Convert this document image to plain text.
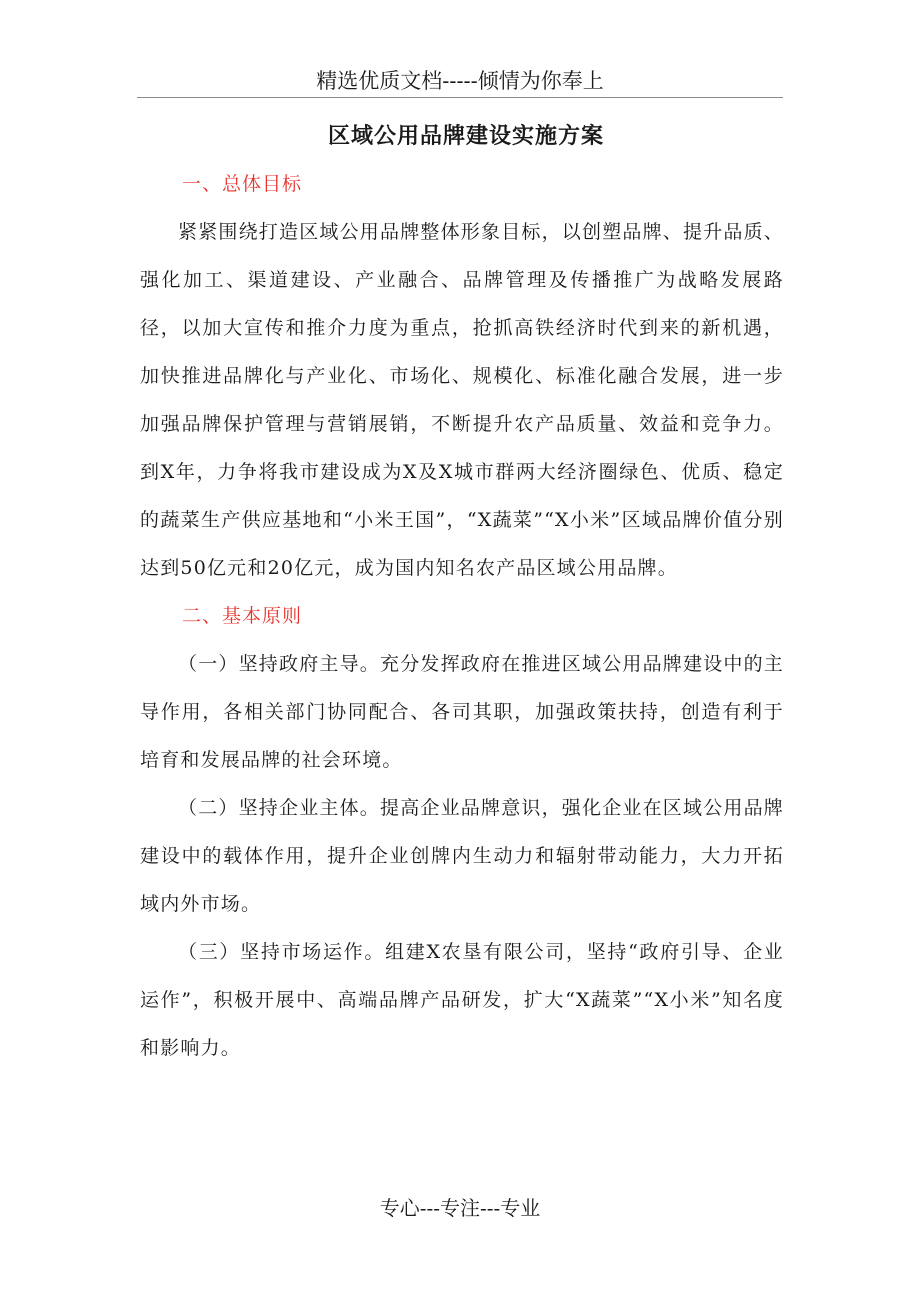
精选优质文档-----倾情为你奉上
区域公用品牌建设实施方案
一、总体目标

紧紧围绕打造区域公用品牌整体形象目标，以创塑品牌、提升品质、强化加工、渠道建设、产业融合、品牌管理及传播推广为战略发展路径，以加大宣传和推介力度为重点，抢抓高铁经济时代到来的新机遇，加快推进品牌化与产业化、市场化、规模化、标准化融合发展，进一步加强品牌保护管理与营销展销，不断提升农产品质量、效益和竞争力。到X年，力争将我市建设成为X及X城市群两大经济圈绿色、优质、稳定的蔬菜生产供应基地和“小米王国”，“X蔬菜”“X小米”区域品牌价值分别达到50亿元和20亿元，成为国内知名农产品区域公用品牌。

二、基本原则

（一）坚持政府主导。充分发挥政府在推进区域公用品牌建设中的主导作用，各相关部门协同配合、各司其职，加强政策扶持，创造有利于培育和发展品牌的社会环境。

（二）坚持企业主体。提高企业品牌意识，强化企业在区域公用品牌建设中的载体作用，提升企业创牌内生动力和辐射带动能力，大力开拓域内外市场。

（三）坚持市场运作。组建X农垦有限公司，坚持“政府引导、企业运作”，积极开展中、高端品牌产品研发，扩大“X蔬菜”“X小米”知名度和影响力。

专心---专注---专业
